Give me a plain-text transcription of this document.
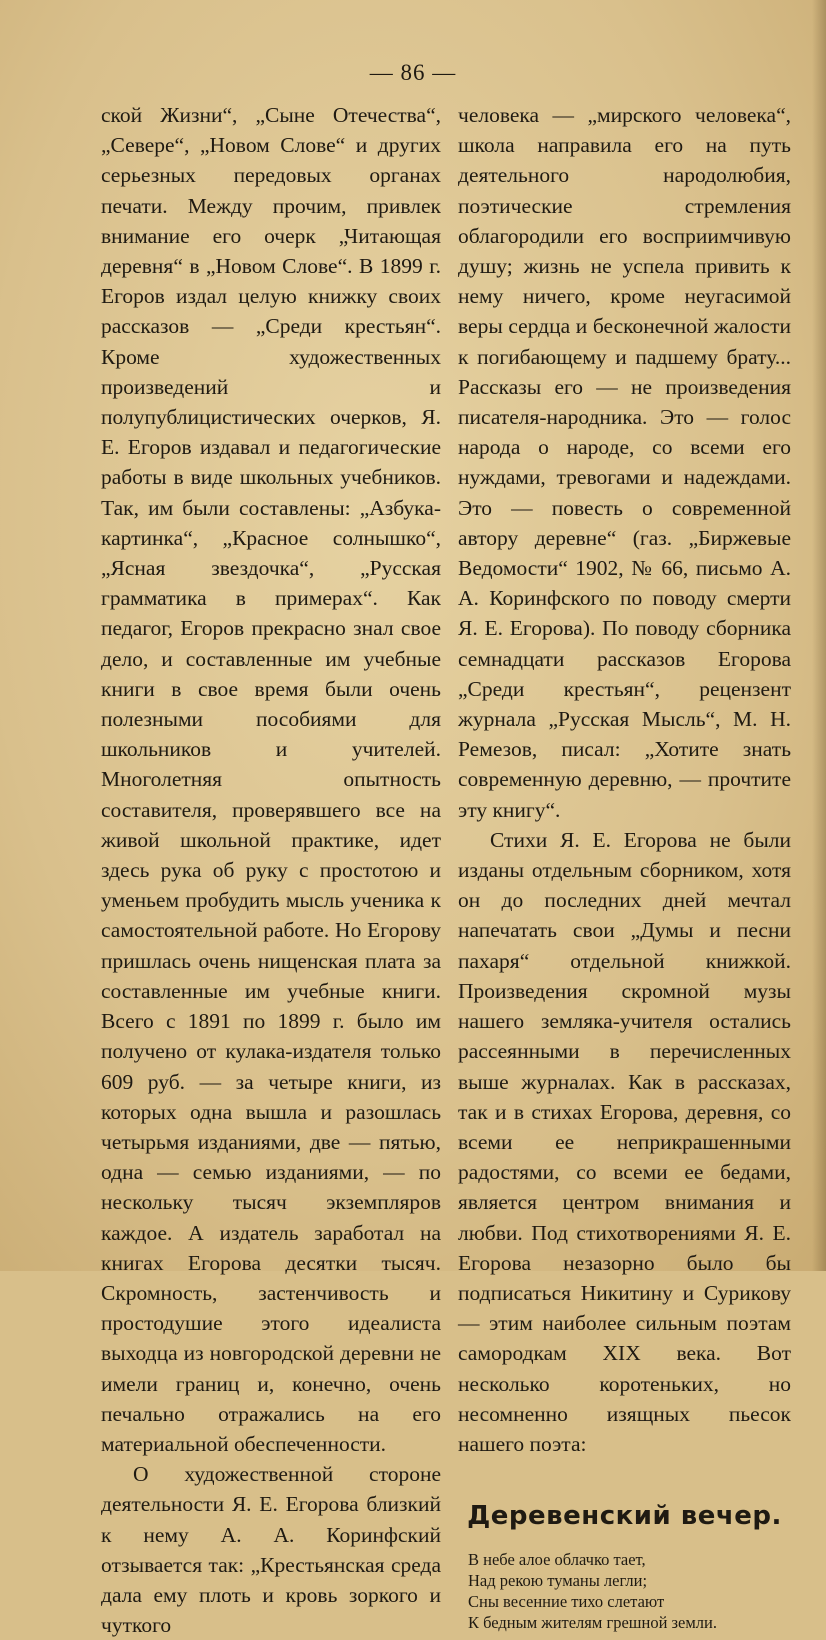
— 86 —

ской Жизни“, „Сыне Отечества“, „Севере“, „Новом Слове“ и других серьезных передовых органах печати. Между прочим, привлек внимание его очерк „Читающая деревня“ в „Новом Слове“. В 1899 г. Егоров издал целую книжку своих рассказов — „Среди крестьян“. Кроме художественных произведений и полупублицистических очерков, Я. Е. Егоров издавал и педагогические работы в виде школьных учебников. Так, им были составлены: „Азбука-картинка“, „Красное солнышко“, „Ясная звездочка“, „Русская грамматика в примерах“. Как педагог, Егоров прекрасно знал свое дело, и составленные им учебные книги в свое время были очень полезными пособиями для школьников и учителей. Многолетняя опытность составителя, проверявшего все на живой школьной практике, идет здесь рука об руку с простотою и уменьем пробудить мысль ученика к самостоятельной работе. Но Егорову пришлась очень нищенская плата за составленные им учебные книги. Всего с 1891 по 1899 г. было им получено от кулака-издателя только 609 руб. — за четыре книги, из которых одна вышла и разошлась четырьмя изданиями, две — пятью, одна — семью изданиями, — по нескольку тысяч экземпляров каждое. А издатель заработал на книгах Егорова десятки тысяч. Скромность, застенчивость и простодушие этого идеалиста выходца из новгородской деревни не имели границ и, конечно, очень печально отражались на его материальной обеспеченности.

О художественной стороне деятельности Я. Е. Егорова близкий к нему А. А. Коринфский отзывается так: „Крестьянская среда дала ему плоть и кровь зоркого и чуткого

человека — „мирского человека“, школа направила его на путь деятельного народолюбия, поэтические стремления облагородили его восприимчивую душу; жизнь не успела привить к нему ничего, кроме неугасимой веры сердца и бесконечной жалости к погибающему и падшему брату... Рассказы его — не произведения писателя-народника. Это — голос народа о народе, со всеми его нуждами, тревогами и надеждами. Это — повесть о современной автору деревне“ (газ. „Биржевые Ведомости“ 1902, № 66, письмо А. А. Коринфского по поводу смерти Я. Е. Егорова). По поводу сборника семнадцати рассказов Егорова „Среди крестьян“, рецензент журнала „Русская Мысль“, М. Н. Ремезов, писал: „Хотите знать современную деревню, — прочтите эту книгу“.

Стихи Я. Е. Егорова не были изданы отдельным сборником, хотя он до последних дней мечтал напечатать свои „Думы и песни пахаря“ отдельной книжкой. Произведения скромной музы нашего земляка-учителя остались рассеянными в перечисленных выше журналах. Как в рассказах, так и в стихах Егорова, деревня, со всеми ее неприкрашенными радостями, со всеми ее бедами, является центром внимания и любви. Под стихотворениями Я. Е. Егорова незазорно было бы подписаться Никитину и Сурикову — этим наиболее сильным поэтам самородкам XIX века. Вот несколько коротеньких, но несомненно изящных пьесок нашего поэта:

Деревенский вечер.
В небе алое облачко тает,
Над рекою туманы легли;
Сны весенние тихо слетают
К бедным жителям грешной земли.
